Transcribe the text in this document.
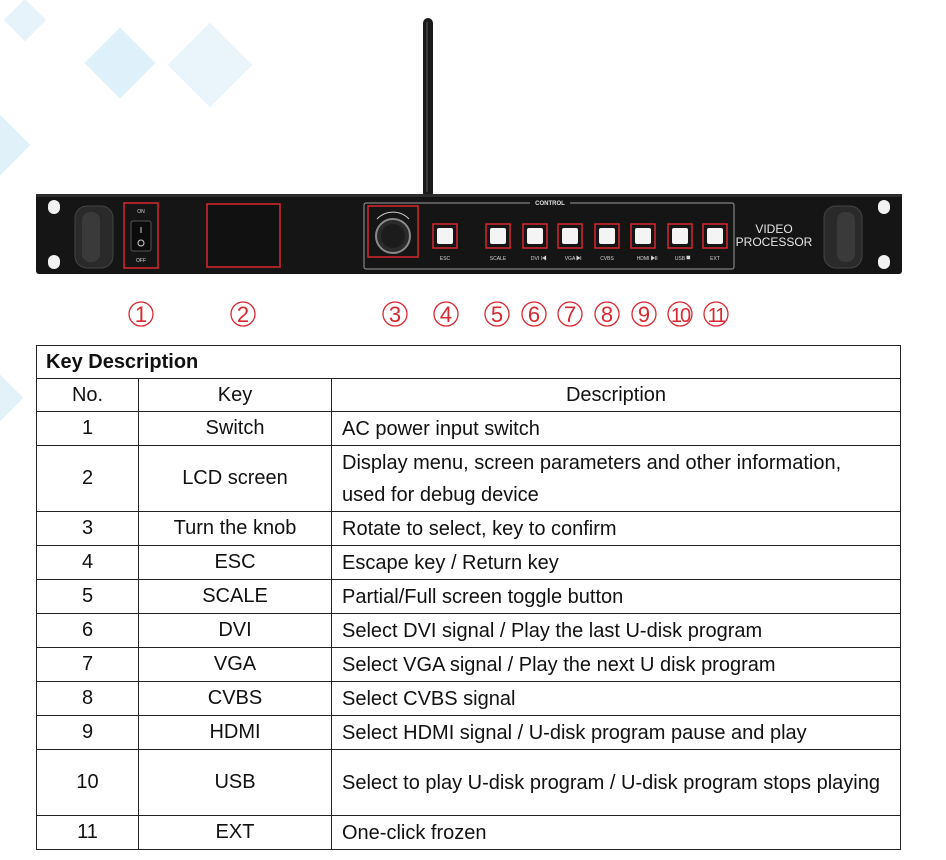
ON
OFF
CONTROL
ESC	SCALE	DVI	VGA	CVBS	HDMI	USB	EXT
VIDEO
PROCESSOR
1	2	3 4 5 6 7 8 9 10 11
Key Description		
No.	Key	Description
1	Switch	AC power input switch
2	LCD screen	Display menu, screen parameters and other information, used for debug device
3	Turn the knob	Rotate to select, key to confirm
4	ESC	Escape key / Return key
5	SCALE	Partial/Full screen toggle button
6	DVI	Select DVI signal / Play the last U-disk program
7	VGA	Select VGA signal / Play the next U disk program
8	CVBS	Select CVBS signal
9	HDMI	Select HDMI signal / U-disk program pause and play
10	USB	Select to play U-disk program / U-disk program stops playing
11	EXT	One-click frozen
